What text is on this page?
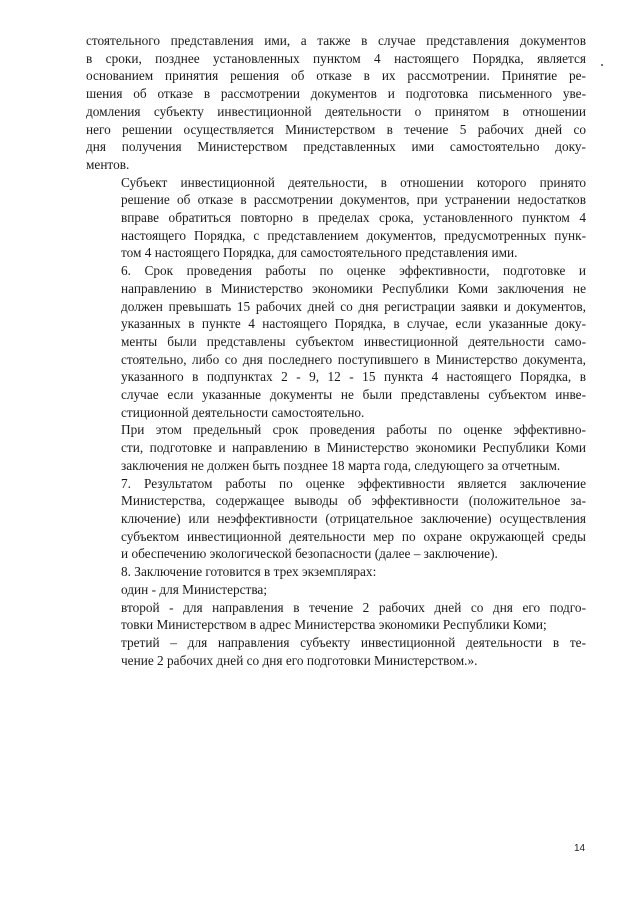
стоятельного представления ими, а также в случае представления документов
в сроки, позднее установленных пунктом 4 настоящего Порядка, является
основанием принятия решения об отказе в их рассмотрении. Принятие ре-
шения об отказе в рассмотрении документов и подготовка письменного уве-
домления субъекту инвестиционной деятельности о принятом в отношении
него решении осуществляется Министерством в течение 5 рабочих дней со
дня получения Министерством представленных ими самостоятельно доку-
ментов.
Субъект инвестиционной деятельности, в отношении которого принято
решение об отказе в рассмотрении документов, при устранении недостатков
вправе обратиться повторно в пределах срока, установленного пунктом 4
настоящего Порядка, с представлением документов, предусмотренных пунк-
том 4 настоящего Порядка, для самостоятельного представления ими.
6. Срок проведения работы по оценке эффективности, подготовке и
направлению в Министерство экономики Республики Коми заключения не
должен превышать 15 рабочих дней со дня регистрации заявки и документов,
указанных в пункте 4 настоящего Порядка, в случае, если указанные доку-
менты были представлены субъектом инвестиционной деятельности само-
стоятельно, либо со дня последнего поступившего в Министерство документа,
указанного в подпунктах 2 - 9, 12 - 15 пункта 4 настоящего Порядка, в
случае если указанные документы не были представлены субъектом инве-
стиционной деятельности самостоятельно.
При этом предельный срок проведения работы по оценке эффективно-
сти, подготовке и направлению в Министерство экономики Республики Коми
заключения не должен быть позднее 18 марта года, следующего за отчетным.
7. Результатом работы по оценке эффективности является заключение
Министерства, содержащее выводы об эффективности (положительное за-
ключение) или неэффективности (отрицательное заключение) осуществления
субъектом инвестиционной деятельности мер по охране окружающей среды
и обеспечению экологической безопасности (далее – заключение).
8. Заключение готовится в трех экземплярах:
один - для Министерства;
второй - для направления в течение 2 рабочих дней со дня его подго-
товки Министерством в адрес Министерства экономики Республики Коми;
третий – для направления субъекту инвестиционной деятельности в те-
чение 2 рабочих дней со дня его подготовки Министерством.».
14
